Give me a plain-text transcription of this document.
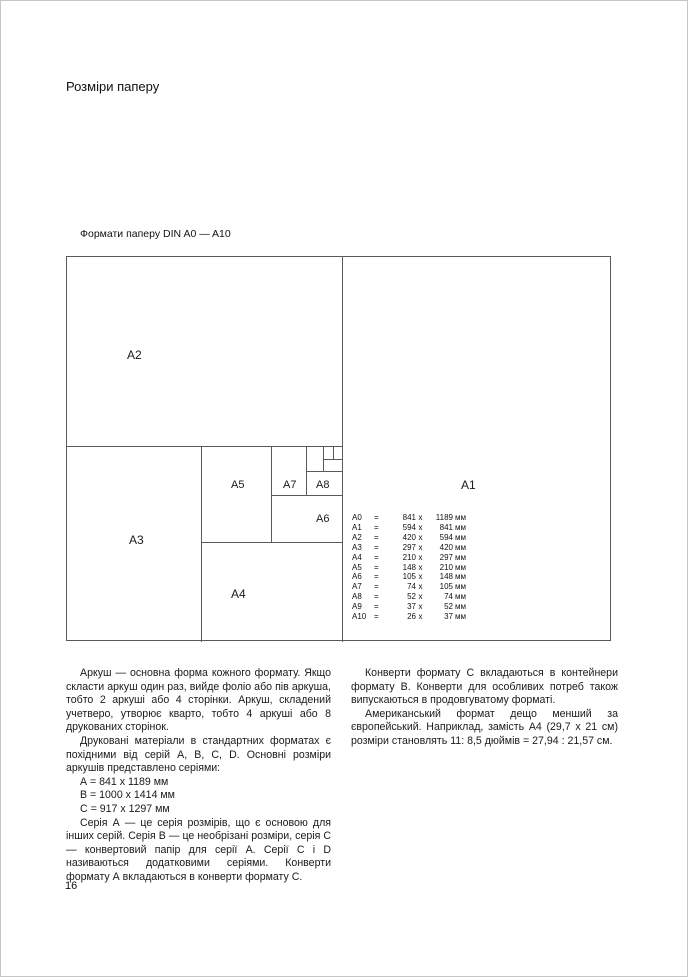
Розміри паперу
Формати паперу DIN A0 — A10
A2
A3
A4
A5	A7 A8
A6
A1
A0	=	841 x	1189 мм
A1	=	594 x	841 мм
A2	=	420 x	594 мм
A3	=	297 x	420 мм
A4	=	210 x	297 мм
A5	=	148 x	210 мм
A6	=	105 x	148 мм
A7	=	74 x	105 мм
A8	=	52 x	74 мм
A9	=	37 x	52 мм
A10 =	26 x	37 мм

Аркуш — основна форма кожного формату. Якщо скласти аркуш один раз, вийде фоліо або пів аркуша, тобто 2 аркуші або 4 сторінки. Аркуш, складений учетверо, утворює кварто, тобто 4 аркуші або 8 друкованих сторінок.

Друковані матеріали в стандартних форматах є похідними від серій А, В, С, D. Основні розміри аркушів представлено серіями:

А = 841 х 1189 мм
В = 1000 х 1414 мм
С = 917 х 1297 мм

Серія А — це серія розмірів, що є основою для інших серій. Серія В — це необрізані розміри, серія С — конвертовий папір для серії А. Серії С і D називаються додатковими серіями. Конверти формату А вкладаються в конверти формату С.

Конверти формату С вкладаються в контейнери формату В. Конверти для особливих потреб також випускаються в продовгуватому форматі.

Американський формат дещо менший за європейський. Наприклад, замість А4 (29,7 х 21 см) розміри становлять 11: 8,5 дюймів = 27,94 : 21,57 см.

16
